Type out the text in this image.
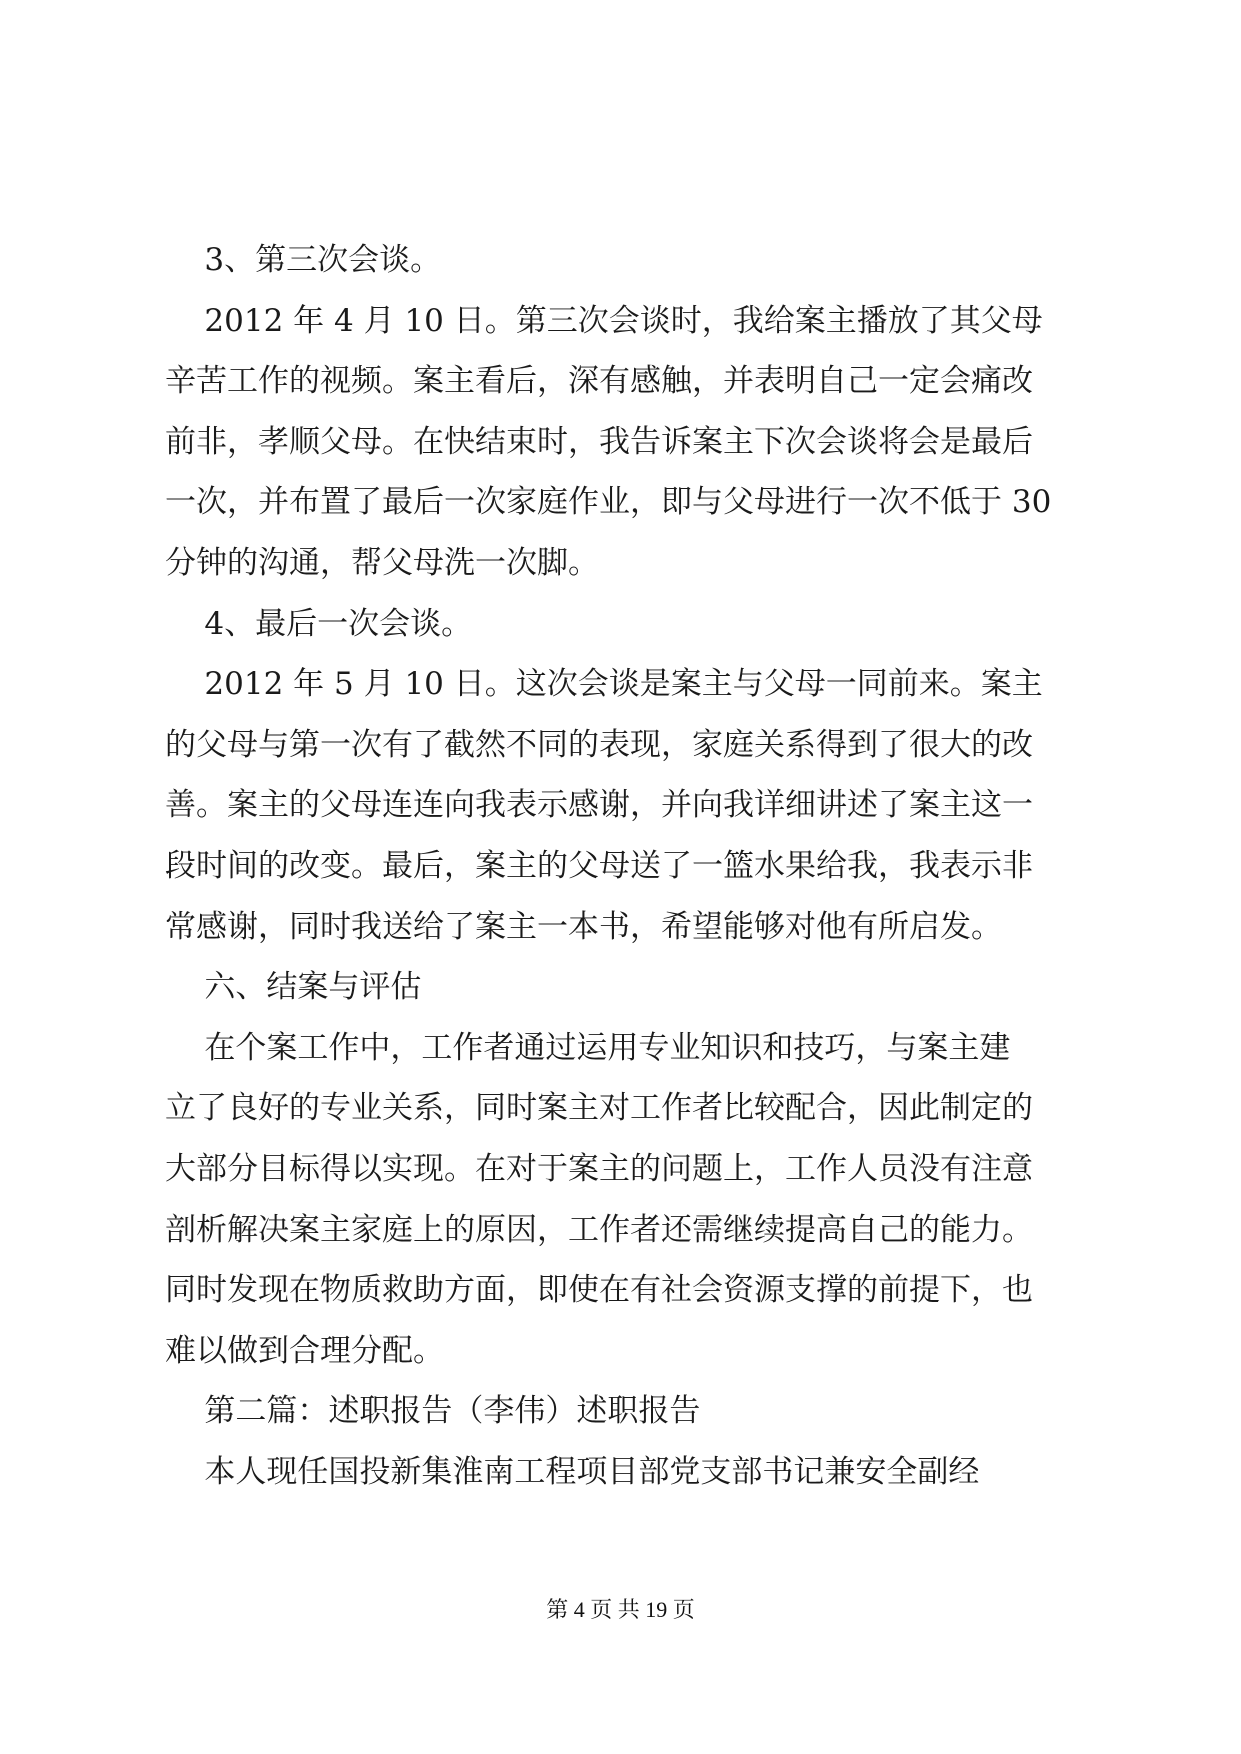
3、第三次会谈。
2012 年 4 月 10 日。第三次会谈时，我给案主播放了其父母
辛苦工作的视频。案主看后，深有感触，并表明自己一定会痛改
前非，孝顺父母。在快结束时，我告诉案主下次会谈将会是最后
一次，并布置了最后一次家庭作业，即与父母进行一次不低于 30
分钟的沟通，帮父母洗一次脚。
4、最后一次会谈。
2012 年 5 月 10 日。这次会谈是案主与父母一同前来。案主
的父母与第一次有了截然不同的表现，家庭关系得到了很大的改
善。案主的父母连连向我表示感谢，并向我详细讲述了案主这一
段时间的改变。最后，案主的父母送了一篮水果给我，我表示非
常感谢，同时我送给了案主一本书，希望能够对他有所启发。
六、结案与评估
在个案工作中，工作者通过运用专业知识和技巧，与案主建
立了良好的专业关系，同时案主对工作者比较配合，因此制定的
大部分目标得以实现。在对于案主的问题上，工作人员没有注意
剖析解决案主家庭上的原因，工作者还需继续提高自己的能力。
同时发现在物质救助方面，即使在有社会资源支撑的前提下，也
难以做到合理分配。
第二篇：述职报告（李伟）述职报告
本人现任国投新集淮南工程项目部党支部书记兼安全副经
第 4 页 共 19 页
